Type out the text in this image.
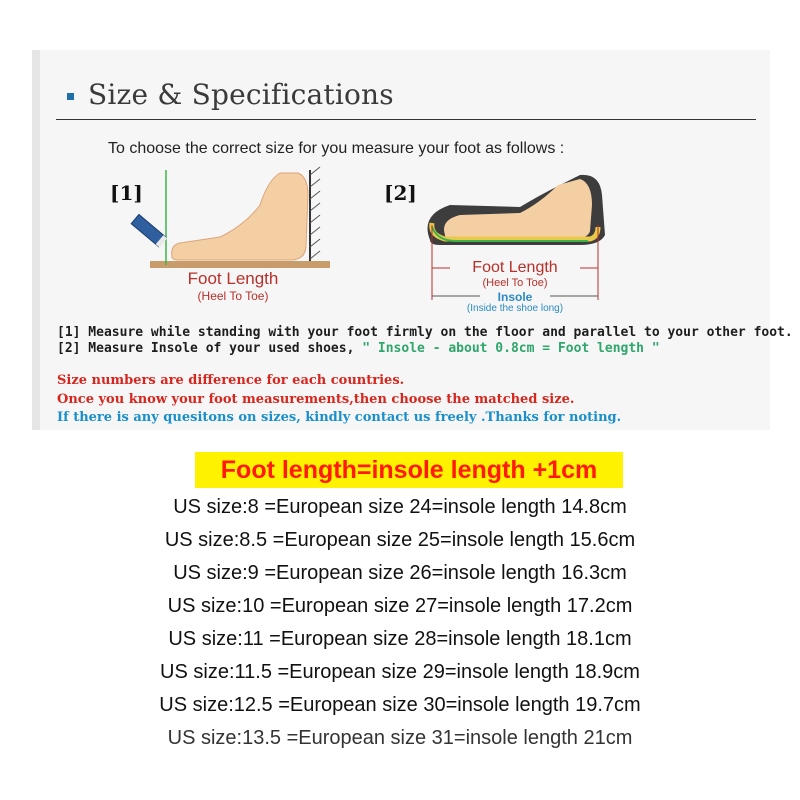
Size & Specifications
To choose the correct size for you measure your foot as follows :
[1]	[2]
Foot Length
(Heel To Toe)
Foot Length
(Heel To Toe)
Insole
(Inside the shoe long)
[1] Measure while standing with your foot firmly on the floor and parallel to your other foot.
[2] Measure Insole of your used shoes, " Insole - about 0.8cm = Foot length "
Size numbers are difference for each countries.
Once you know your foot measurements,then choose the matched size.
If there is any quesitons on sizes, kindly contact us freely .Thanks for noting.
Foot length=insole length +1cm
US size:8 =European size 24=insole length 14.8cm
US size:8.5 =European size 25=insole length 15.6cm
US size:9 =European size 26=insole length 16.3cm
US size:10 =European size 27=insole length 17.2cm
US size:11 =European size 28=insole length 18.1cm
US size:11.5 =European size 29=insole length 18.9cm
US size:12.5 =European size 30=insole length 19.7cm
US size:13.5 =European size 31=insole length 21cm
